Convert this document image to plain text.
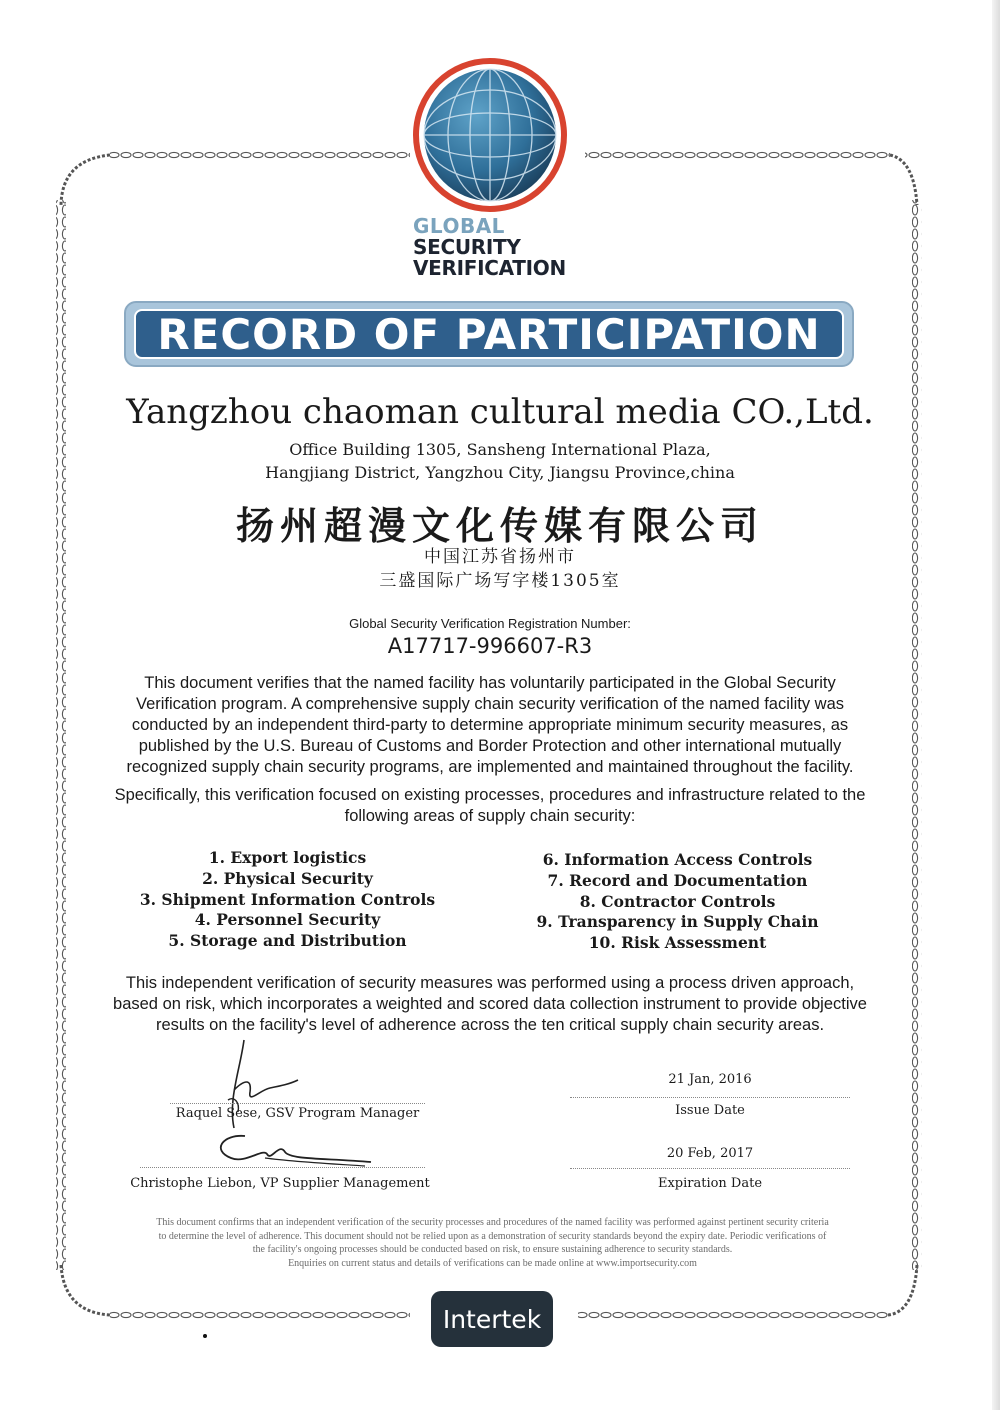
GLOBAL
SECURITY
VERIFICATION
RECORD OF PARTICIPATION
Yangzhou chaoman cultural media CO.,Ltd.
Office Building 1305, Sansheng International Plaza,
Hangjiang District, Yangzhou City, Jiangsu Province,china
扬州超漫文化传媒有限公司
中国江苏省扬州市
三盛国际广场写字楼1305室
Global Security Verification Registration Number:
A17717-996607-R3
This document verifies that the named facility has voluntarily participated in the Global Security
Verification program. A comprehensive supply chain security verification of the named facility was
conducted by an independent third-party to determine appropriate minimum security measures, as
published by the U.S. Bureau of Customs and Border Protection and other international mutually
recognized supply chain security programs, are implemented and maintained throughout the facility.
Specifically, this verification focused on existing processes, procedures and infrastructure related to the
following areas of supply chain security:
1. Export logistics
2. Physical Security
3. Shipment Information Controls
4. Personnel Security
5. Storage and Distribution
6. Information Access Controls
7. Record and Documentation
8. Contractor Controls
9. Transparency in Supply Chain
10. Risk Assessment
This independent verification of security measures was performed using a process driven approach,
based on risk, which incorporates a weighted and scored data collection instrument to provide objective
results on the facility's level of adherence across the ten critical supply chain security areas.
Raquel Sese, GSV Program Manager
21 Jan, 2016
Issue Date
Christophe Liebon, VP Supplier Management
20 Feb, 2017
Expiration Date
This document confirms that an independent verification of the security processes and procedures of the named facility was performed against pertinent security criteria
to determine the level of adherence. This document should not be relied upon as a demonstration of security standards beyond the expiry date. Periodic verifications of
the facility's ongoing processes should be conducted based on risk, to ensure sustaining adherence to security standards.
Enquiries on current status and details of verifications can be made online at www.importsecurity.com
Intertek
